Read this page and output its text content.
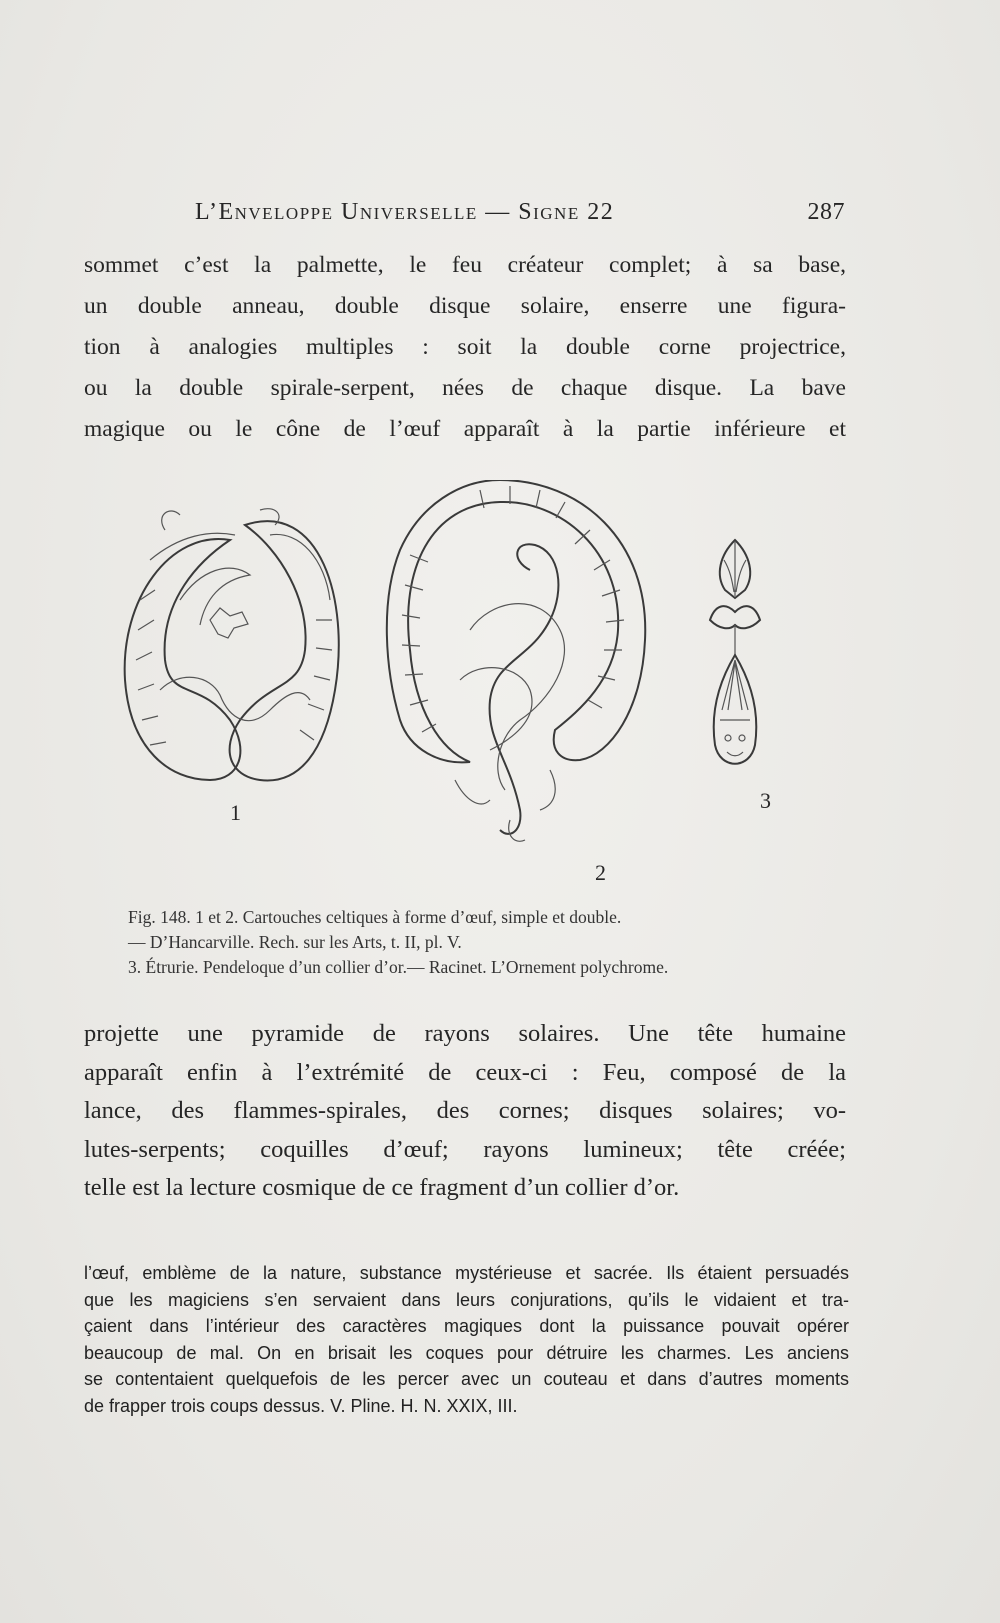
L’Enveloppe Universelle — Signe 22	287
sommet c’est la palmette, le feu créateur complet; à sa base,
un double anneau, double disque solaire, enserre une figura-
tion à analogies multiples : soit la double corne projectrice,
ou la double spirale-serpent, nées de chaque disque. La bave
magique ou le cône de l’œuf apparaît à la partie inférieure et
1
2
3
Fig. 148. 1 et 2. Cartouches celtiques à forme d’œuf, simple et double.
— D’Hancarville. Rech. sur les Arts, t. II, pl. V.
3. Étrurie. Pendeloque d’un collier d’or.— Racinet. L’Ornement polychrome.
projette une pyramide de rayons solaires. Une tête humaine
apparaît enfin à l’extrémité de ceux-ci : Feu, composé de la
lance, des flammes-spirales, des cornes; disques solaires; vo-
lutes-serpents; coquilles d’œuf; rayons lumineux; tête créée;
telle est la lecture cosmique de ce fragment d’un collier d’or.
l’œuf, emblème de la nature, substance mystérieuse et sacrée. Ils étaient persuadés
que les magiciens s’en servaient dans leurs conjurations, qu’ils le vidaient et tra-
çaient dans l’intérieur des caractères magiques dont la puissance pouvait opérer
beaucoup de mal. On en brisait les coques pour détruire les charmes. Les anciens
se contentaient quelquefois de les percer avec un couteau et dans d’autres moments
de frapper trois coups dessus. V. Pline. H. N. XXIX, III.
